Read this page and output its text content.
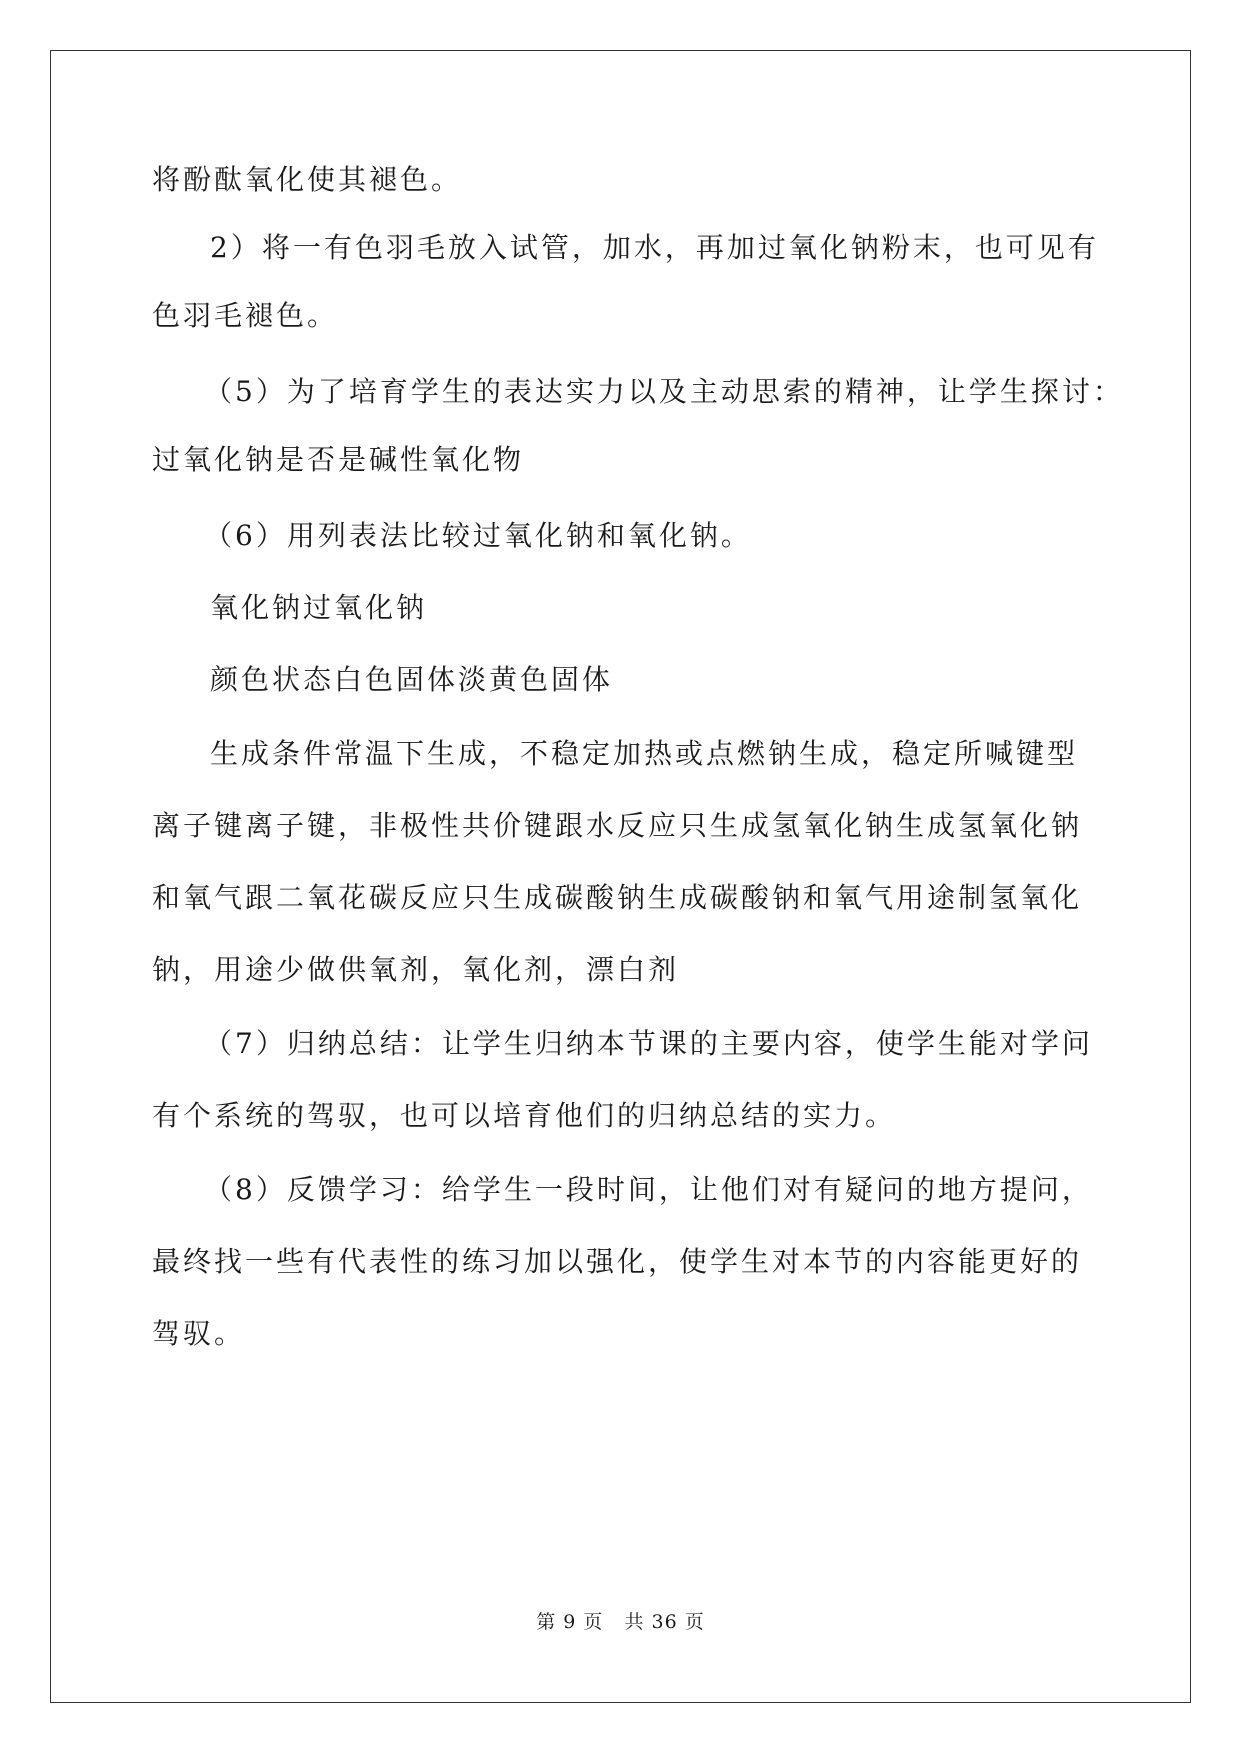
将酚酞氧化使其褪色。
2）将一有色羽毛放入试管，加水，再加过氧化钠粉末，也可见有
色羽毛褪色。
（5）为了培育学生的表达实力以及主动思索的精神，让学生探讨：
过氧化钠是否是碱性氧化物
（6）用列表法比较过氧化钠和氧化钠。
氧化钠过氧化钠
颜色状态白色固体淡黄色固体
生成条件常温下生成，不稳定加热或点燃钠生成，稳定所喊键型
离子键离子键，非极性共价键跟水反应只生成氢氧化钠生成氢氧化钠
和氧气跟二氧花碳反应只生成碳酸钠生成碳酸钠和氧气用途制氢氧化
钠，用途少做供氧剂，氧化剂，漂白剂
（7）归纳总结：让学生归纳本节课的主要内容，使学生能对学问
有个系统的驾驭，也可以培育他们的归纳总结的实力。
（8）反馈学习：给学生一段时间，让他们对有疑问的地方提问，
最终找一些有代表性的练习加以强化，使学生对本节的内容能更好的
驾驭。
第 9 页 共 36 页
